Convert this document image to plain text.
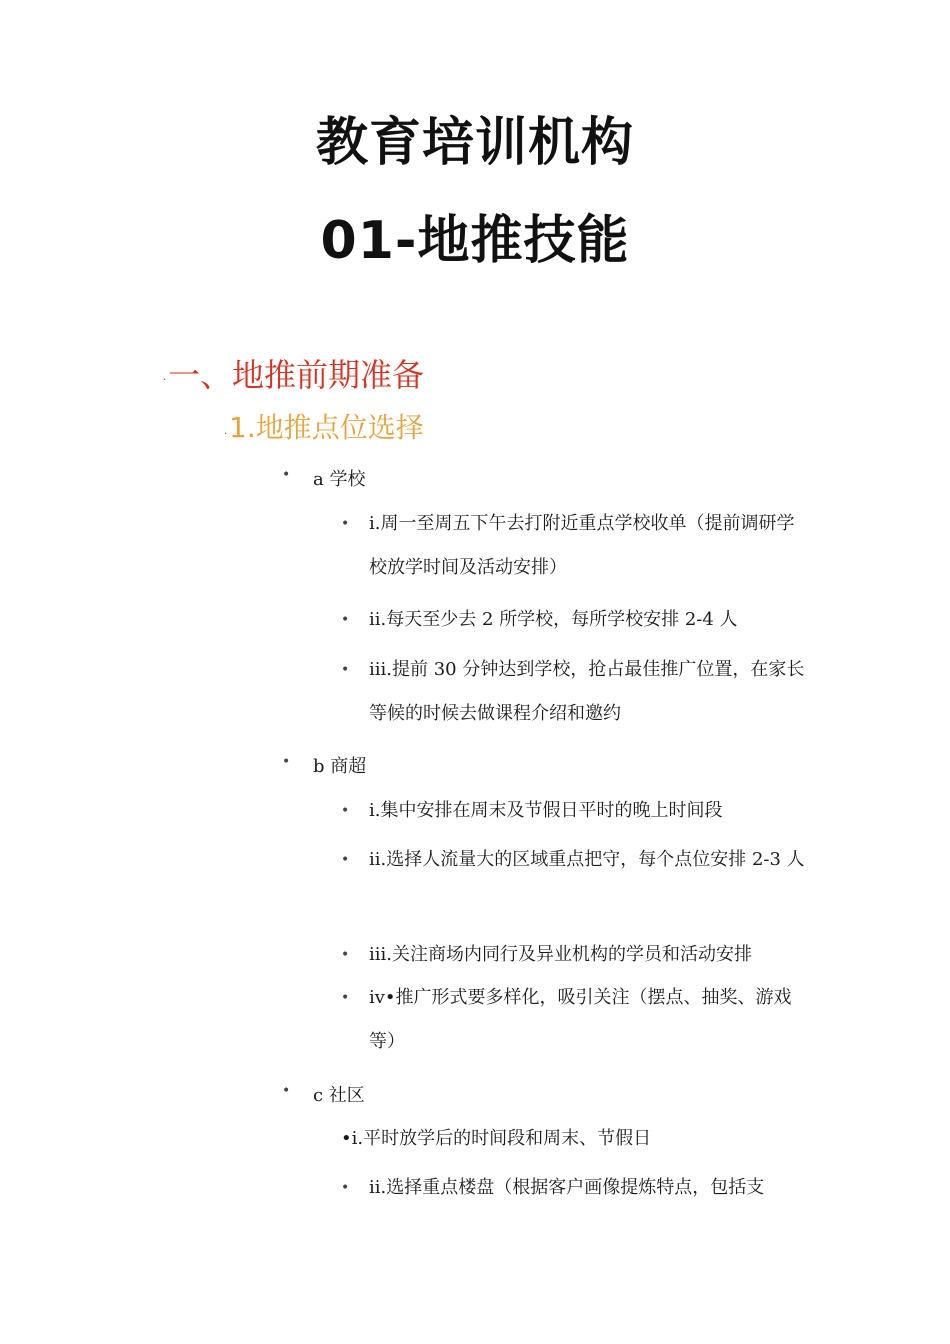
教育培训机构
01-地推技能
. 一、地推前期准备
. 1.地推点位选择
• a 学校
• i.周一至周五下午去打附近重点学校收单（提前调研学校放学时间及活动安排）
• ii.每天至少去 2 所学校，每所学校安排 2-4 人
• iii.提前 30 分钟达到学校，抢占最佳推广位置，在家长等候的时候去做课程介绍和邀约
• b 商超
• i.集中安排在周末及节假日平时的晚上时间段
• ii.选择人流量大的区域重点把守，每个点位安排 2-3 人
• iii.关注商场内同行及异业机构的学员和活动安排
• iv•推广形式要多样化，吸引关注（摆点、抽奖、游戏等）
• c 社区
•i.平时放学后的时间段和周末、节假日
• ii.选择重点楼盘（根据客户画像提炼特点，包括支
